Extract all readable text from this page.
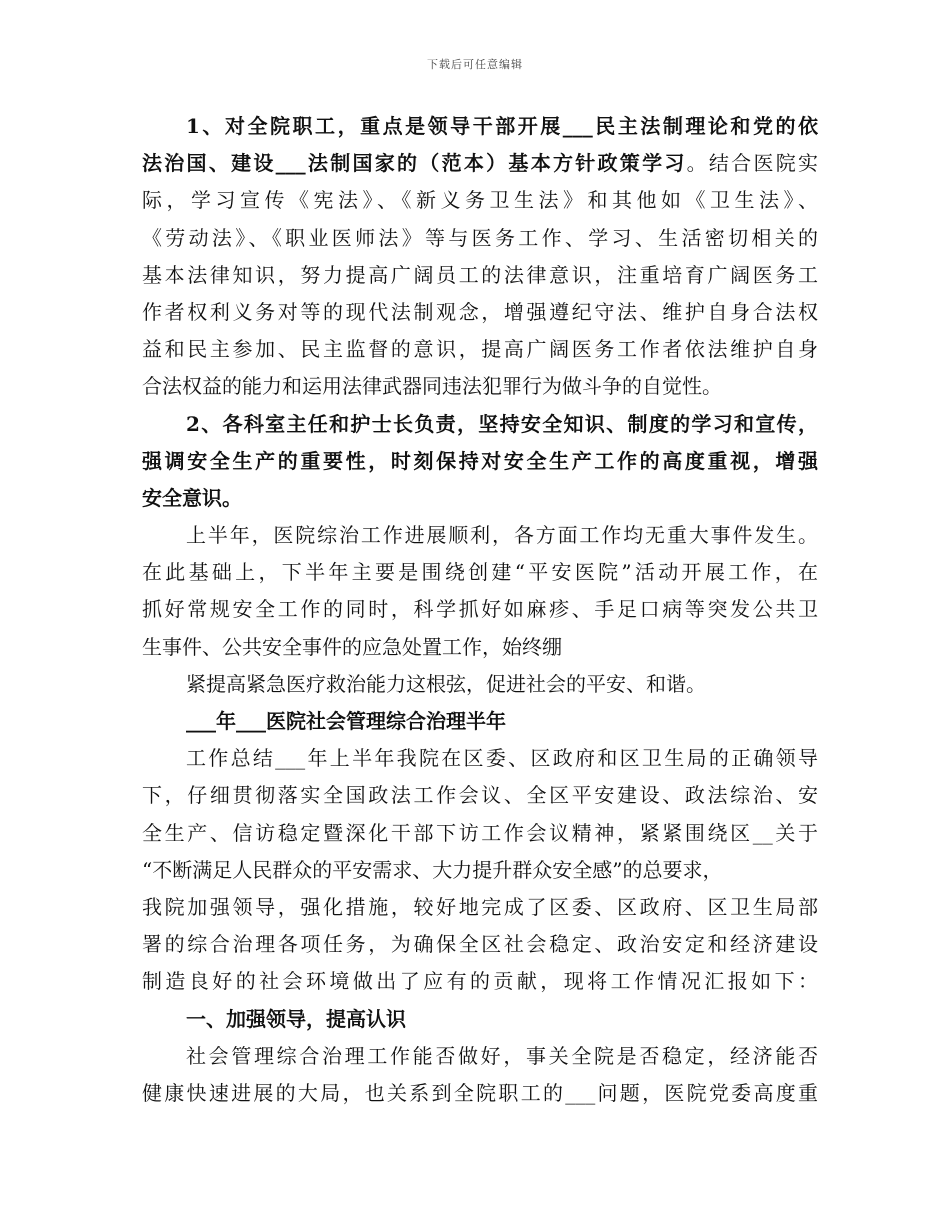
下载后可任意编辑
1、对全院职工，重点是领导干部开展___民主法制理论和党的依
法治国、建设___法制国家的（范本）基本方针政策学习。结合医院实
际，学习宣传《宪法》、《新义务卫生法》和其他如《卫生法》、
《劳动法》、《职业医师法》等与医务工作、学习、生活密切相关的
基本法律知识，努力提高广阔员工的法律意识，注重培育广阔医务工
作者权利义务对等的现代法制观念，增强遵纪守法、维护自身合法权
益和民主参加、民主监督的意识，提高广阔医务工作者依法维护自身
合法权益的能力和运用法律武器同违法犯罪行为做斗争的自觉性。
2、各科室主任和护士长负责，坚持安全知识、制度的学习和宣传，
强调安全生产的重要性，时刻保持对安全生产工作的高度重视，增强
安全意识。
上半年，医院综治工作进展顺利，各方面工作均无重大事件发生。
在此基础上，下半年主要是围绕创建“平安医院”活动开展工作，在
抓好常规安全工作的同时，科学抓好如麻疹、手足口病等突发公共卫
生事件、公共安全事件的应急处置工作，始终绷
紧提高紧急医疗救治能力这根弦，促进社会的平安、和谐。
___年___医院社会管理综合治理半年
工作总结___年上半年我院在区委、区政府和区卫生局的正确领导
下，仔细贯彻落实全国政法工作会议、全区平安建设、政法综治、安
全生产、信访稳定暨深化干部下访工作会议精神，紧紧围绕区__关于
“不断满足人民群众的平安需求、大力提升群众安全感”的总要求，
我院加强领导，强化措施，较好地完成了区委、区政府、区卫生局部
署的综合治理各项任务，为确保全区社会稳定、政治安定和经济建设
制造良好的社会环境做出了应有的贡献，现将工作情况汇报如下：
一、加强领导，提高认识
社会管理综合治理工作能否做好，事关全院是否稳定，经济能否
健康快速进展的大局，也关系到全院职工的___问题，医院党委高度重
